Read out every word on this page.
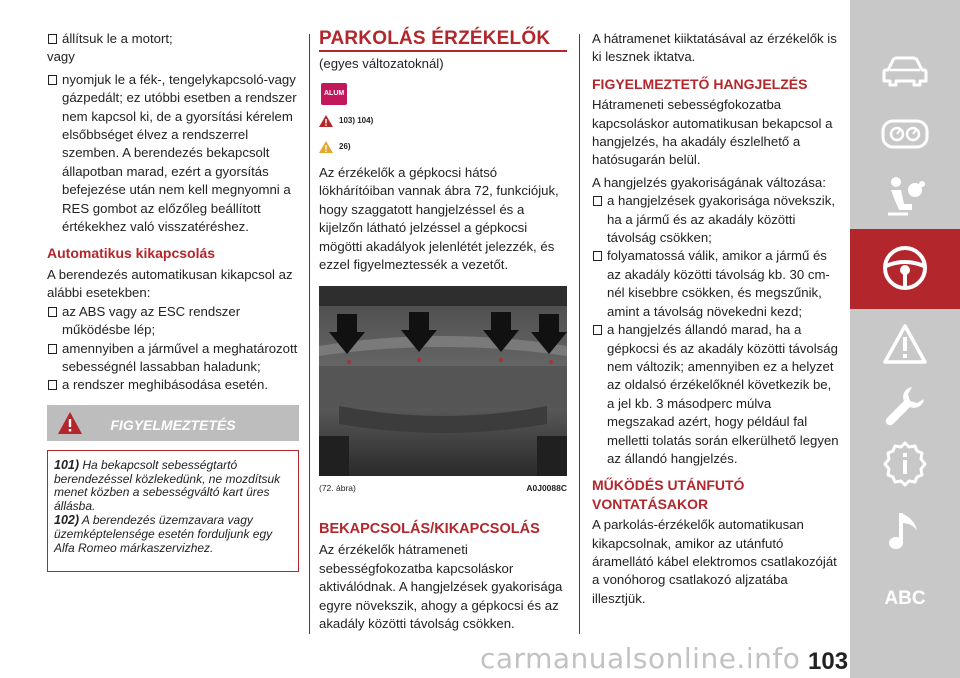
állítsuk le a motort;

vagy

nyomjuk le a fék-, tengelykapcsoló-vagy gázpedált; ez utóbbi esetben a rendszer nem kapcsol ki, de a gyorsítási kérelem elsőbbséget élvez a rendszerrel szemben. A berendezés bekapcsolt állapotban marad, ezért a gyorsítás befejezése után nem kell megnyomni a RES gombot az előzőleg beállított értékekhez való visszatéréshez.
Automatikus kikapcsolás

A berendezés automatikusan kikapcsol az alábbi esetekben:

az ABS vagy az ESC rendszer működésbe lép;
amennyiben a járművel a meghatározott sebességnél lassabban haladunk;
a rendszer meghibásodása esetén.
FIGYELMEZTETÉS
101) Ha bekapcsolt sebességtartó berendezéssel közlekedünk, ne mozdítsuk menet közben a sebességváltó kart üres állásba.
102) A berendezés üzemzavara vagy üzemképtelensége esetén forduljunk egy Alfa Romeo márkaszervizhez.
PARKOLÁS ÉRZÉKELŐK

(egyes változatoknál)

ALUM
103) 104)
26)

Az érzékelők a gépkocsi hátsó lökhárítóiban vannak ábra 72, funkciójuk, hogy szaggatott hangjelzéssel és a kijelzőn látható jelzéssel a gépkocsi mögötti akadályok jelenlétét jelezzék, és ezzel figyelmeztessék a vezetőt.

(72. ábra)	A0J0088C
BEKAPCSOLÁS/KIKAPCSOLÁS

Az érzékelők hátrameneti sebességfokozatba kapcsoláskor aktiválódnak. A hangjelzések gyakorisága egyre növekszik, ahogy a gépkocsi és az akadály közötti távolság csökken.

A hátramenet kiiktatásával az érzékelők is ki lesznek iktatva.

FIGYELMEZTETŐ HANGJELZÉS

Hátrameneti sebességfokozatba kapcsoláskor automatikusan bekapcsol a hangjelzés, ha akadály észlelhető a hatósugarán belül.

A hangjelzés gyakoriságának változása:

a hangjelzések gyakorisága növekszik, ha a jármű és az akadály közötti távolság csökken;
folyamatossá válik, amikor a jármű és az akadály közötti távolság kb. 30 cm-nél kisebbre csökken, és megszűnik, amint a távolság növekedni kezd;
a hangjelzés állandó marad, ha a gépkocsi és az akadály közötti távolság nem változik; amennyiben ez a helyzet az oldalsó érzékelőknél következik be, a jel kb. 3 másodperc múlva megszakad azért, hogy például fal melletti tolatás során elkerülhető legyen az állandó hangjelzés.
MŰKÖDÉS UTÁNFUTÓ VONTATÁSAKOR

A parkolás-érzékelők automatikusan kikapcsolnak, amikor az utánfutó áramellátó kábel elektromos csatlakozóját a vonóhorog csatlakozó aljzatába illesztjük.	ABC
carmanualsonline.info 103
